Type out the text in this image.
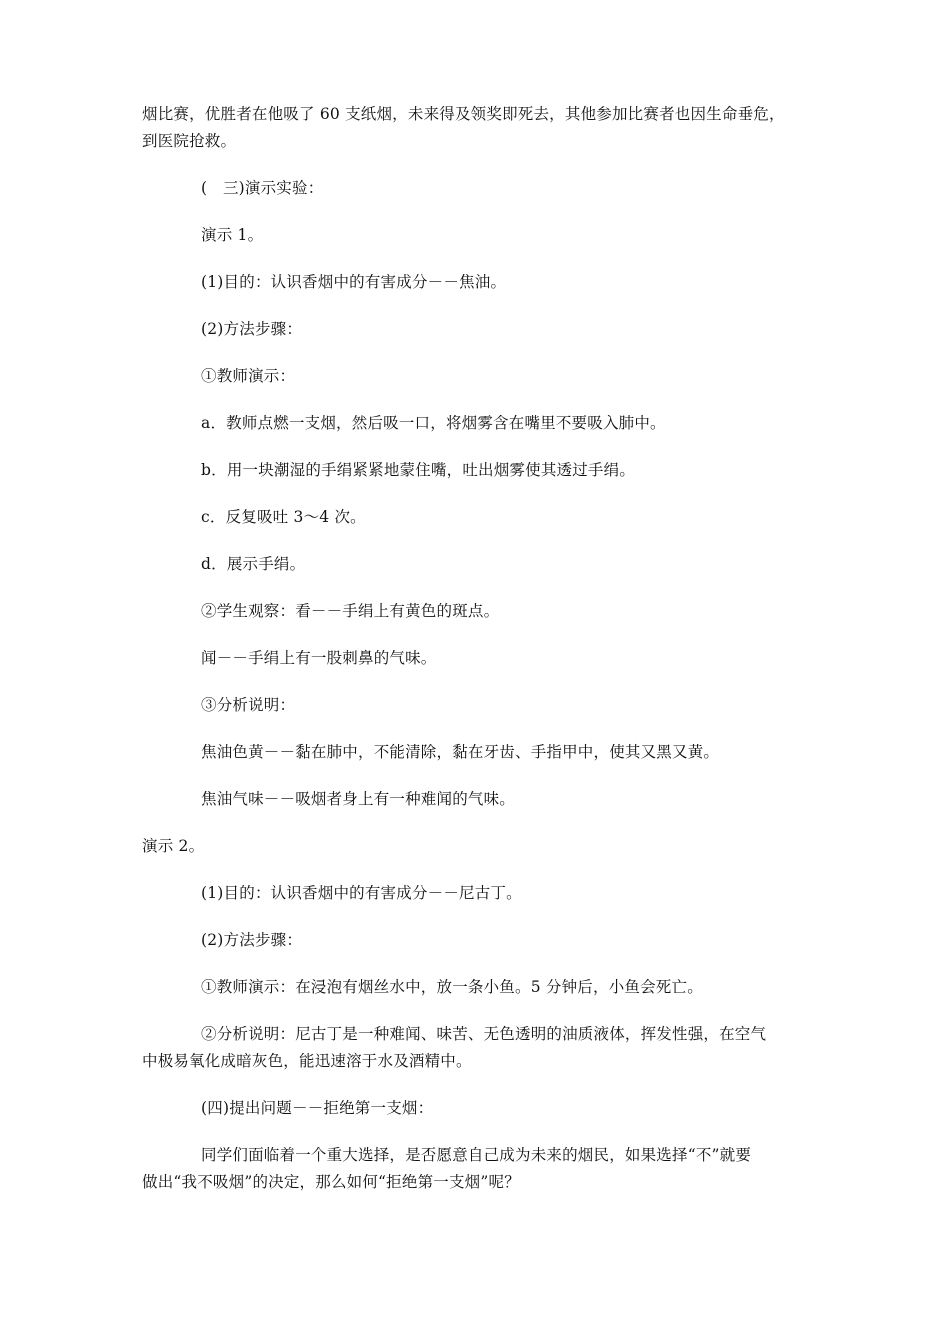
烟比赛，优胜者在他吸了 60 支纸烟，未来得及领奖即死去，其他参加比赛者也因生命垂危，
到医院抢救。
(　三)演示实验：
演示 1。
(1)目的：认识香烟中的有害成分－－焦油。
(2)方法步骤：
①教师演示：
a．教师点燃一支烟，然后吸一口，将烟雾含在嘴里不要吸入肺中。
b．用一块潮湿的手绢紧紧地蒙住嘴，吐出烟雾使其透过手绢。
c．反复吸吐 3～4 次。
d．展示手绢。
②学生观察：看－－手绢上有黄色的斑点。
闻－－手绢上有一股刺鼻的气味。
③分析说明：
焦油色黄－－黏在肺中，不能清除，黏在牙齿、手指甲中，使其又黑又黄。
焦油气味－－吸烟者身上有一种难闻的气味。
演示 2。
(1)目的：认识香烟中的有害成分－－尼古丁。
(2)方法步骤：
①教师演示：在浸泡有烟丝水中，放一条小鱼。5 分钟后，小鱼会死亡。
②分析说明：尼古丁是一种难闻、味苦、无色透明的油质液体，挥发性强，在空气
中极易氧化成暗灰色，能迅速溶于水及酒精中。
(四)提出问题－－拒绝第一支烟：
同学们面临着一个重大选择，是否愿意自己成为未来的烟民，如果选择“不”就要
做出“我不吸烟”的决定，那么如何“拒绝第一支烟”呢？
